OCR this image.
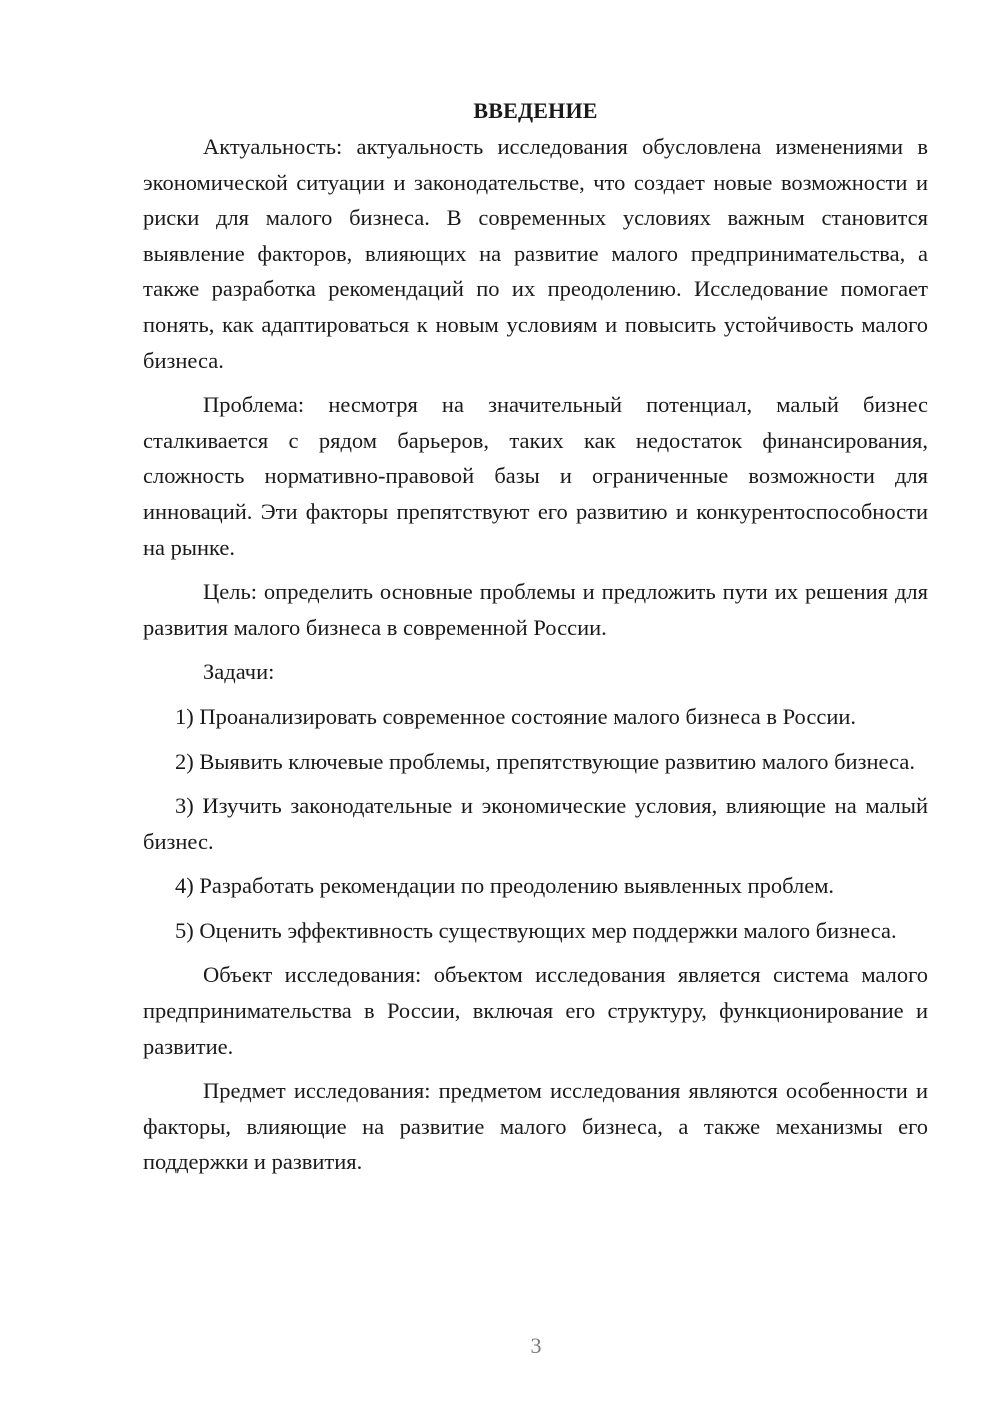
ВВЕДЕНИЕ

Актуальность: актуальность исследования обусловлена изменениями в экономической ситуации и законодательстве, что создает новые возможности и риски для малого бизнеса. В современных условиях важным становится выявление факторов, влияющих на развитие малого предпринимательства, а также разработка рекомендаций по их преодолению. Исследование помогает понять, как адаптироваться к новым условиям и повысить устойчивость малого бизнеса.

Проблема: несмотря на значительный потенциал, малый бизнес сталкивается с рядом барьеров, таких как недостаток финансирования, сложность нормативно-правовой базы и ограниченные возможности для инноваций. Эти факторы препятствуют его развитию и конкурентоспособности на рынке.

Цель: определить основные проблемы и предложить пути их решения для развития малого бизнеса в современной России.

Задачи:

1) Проанализировать современное состояние малого бизнеса в России.

2) Выявить ключевые проблемы, препятствующие развитию малого бизнеса.

3) Изучить законодательные и экономические условия, влияющие на малый бизнес.

4) Разработать рекомендации по преодолению выявленных проблем.

5) Оценить эффективность существующих мер поддержки малого бизнеса.

Объект исследования: объектом исследования является система малого предпринимательства в России, включая его структуру, функционирование и развитие.

Предмет исследования: предметом исследования являются особенности и факторы, влияющие на развитие малого бизнеса, а также механизмы его поддержки и развития.

3
